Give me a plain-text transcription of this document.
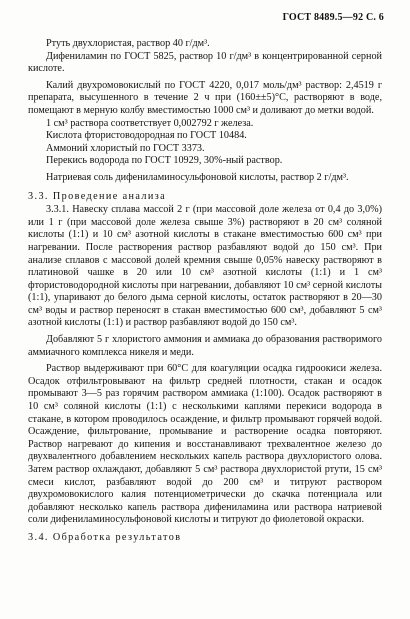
ГОСТ 8489.5—92 С. 6

Ртуть двухлористая, раствор 40 г/дм³.

Дифениламин по ГОСТ 5825, раствор 10 г/дм³ в концентрированной серной кислоте.

Калий двухромовокислый по ГОСТ 4220, 0,017 моль/дм³ раствор: 2,4519 г препарата, высушенного в течение 2 ч при (160±±5)°С, растворяют в воде, помещают в мерную колбу вместимостью 1000 см³ и доливают до метки водой.

1 см³ раствора соответствует 0,002792 г железа.

Кислота фтористоводородная по ГОСТ 10484.

Аммоний хлористый по ГОСТ 3373.

Перекись водорода по ГОСТ 10929, 30%-ный раствор.

Натриевая соль дифениламиносульфоновой кислоты, раствор 2 г/дм³.

3.3. Проведение анализа

3.3.1. Навеску сплава массой 2 г (при массовой доле железа от 0,4 до 3,0%) или 1 г (при массовой доле железа свыше 3%) растворяют в 20 см³ соляной кислоты (1:1) и 10 см³ азотной кислоты в стакане вместимостью 600 см³ при нагревании. После растворения раствор разбавляют водой до 150 см³. При анализе сплавов с массовой долей кремния свыше 0,05% навеску растворяют в платиновой чашке в 20 или 10 см³ азотной кислоты (1:1) и 1 см³ фтористоводородной кислоты при нагревании, добавляют 10 см³ серной кислоты (1:1), упаривают до белого дыма серной кислоты, остаток растворяют в 20—30 см³ воды и раствор переносят в стакан вместимостью 600 см³, добавляют 5 см³ азотной кислоты (1:1) и раствор разбавляют водой до 150 см³.

Добавляют 5 г хлористого аммония и аммиака до образования растворимого аммиачного комплекса никеля и меди.

Раствор выдерживают при 60°С для коагуляции осадка гидроокиси железа. Осадок отфильтровывают на фильтр средней плотности, стакан и осадок промывают 3—5 раз горячим раствором аммиака (1:100). Осадок растворяют в 10 см³ соляной кислоты (1:1) с несколькими каплями перекиси водорода в стакане, в котором проводилось осаждение, и фильтр промывают горячей водой. Осаждение, фильтрование, промывание и растворение осадка повторяют. Раствор нагревают до кипения и восстанавливают трехвалентное железо до двухвалентного добавлением нескольких капель раствора двухлористого олова. Затем раствор охлаждают, добавляют 5 см³ раствора двухлористой ртути, 15 см³ смеси кислот, разбавляют водой до 200 см³ и титруют раствором двухромовокислого калия потенциометрически до скачка потенциала или добавляют несколько капель раствора дифениламина или раствора натриевой соли дифениламиносульфоновой кислоты и титруют до фиолетовой окраски.

3.4. Обработка результатов
